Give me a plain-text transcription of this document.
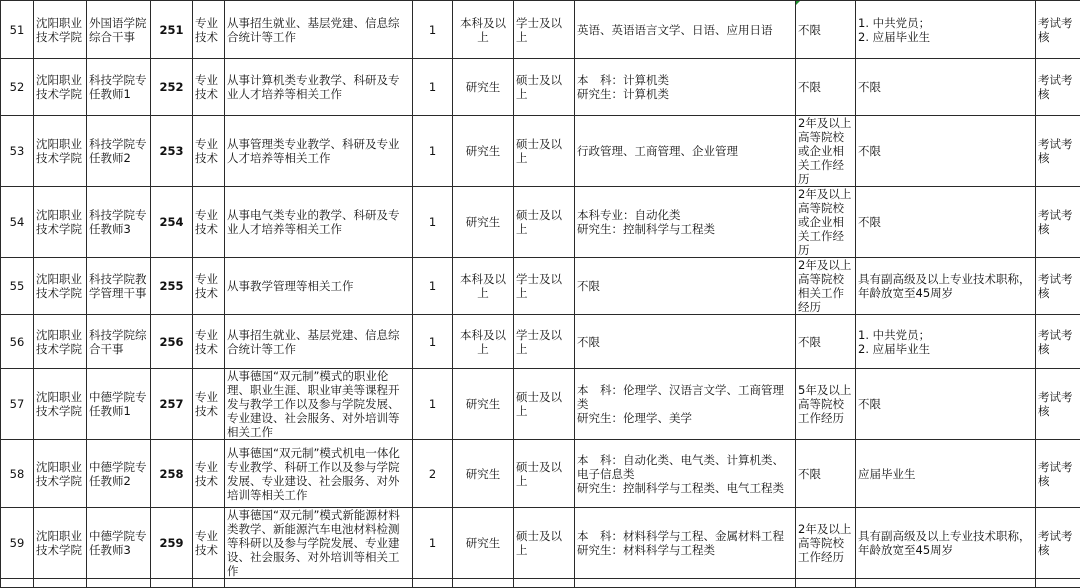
51	沈阳职业技术学院	外国语学院综合干事	251	专业技术	从事招生就业、基层党建、信息综合统计等工作	1	本科及以上	学士及以上	英语、英语语言文学、日语、应用日语	不限	1. 中共党员；
2. 应届毕业生	考试考核
52	沈阳职业技术学院	科技学院专任教师1	252	专业技术	从事计算机类专业教学、科研及专业人才培养等相关工作	1	研究生	硕士及以上	本　科：计算机类
研究生：计算机类	不限	不限	考试考核
53	沈阳职业技术学院	科技学院专任教师2	253	专业技术	从事管理类专业教学、科研及专业人才培养等相关工作	1	研究生	硕士及以上	行政管理、工商管理、企业管理	2年及以上高等院校或企业相关工作经历	不限	考试考核
54	沈阳职业技术学院	科技学院专任教师3	254	专业技术	从事电气类专业的教学、科研及专业人才培养等相关工作	1	研究生	硕士及以上	本科专业：自动化类
研究生：控制科学与工程类	2年及以上高等院校或企业相关工作经历	不限	考试考核
55	沈阳职业技术学院	科技学院教学管理干事	255	专业技术	从事教学管理等相关工作	1	本科及以上	学士及以上	不限	2年及以上高等院校相关工作经历	具有副高级及以上专业技术职称，
年龄放宽至45周岁	考试考核
56	沈阳职业技术学院	科技学院综合干事	256	专业技术	从事招生就业、基层党建、信息综合统计等工作	1	本科及以上	学士及以上	不限	不限	1. 中共党员；
2. 应届毕业生	考试考核
57	沈阳职业技术学院	中德学院专任教师1	257	专业技术	从事德国“双元制”模式的职业伦理、职业生涯、职业审美等课程开发与教学工作以及参与学院发展、专业建设、社会服务、对外培训等相关工作	1	研究生	硕士及以上	本　科：伦理学、汉语言文学、工商管理类
研究生：伦理学、美学	5年及以上高等院校工作经历	不限	考试考核
58	沈阳职业技术学院	中德学院专任教师2	258	专业技术	从事德国“双元制”模式机电一体化专业教学、科研工作以及参与学院发展、专业建设、社会服务、对外培训等相关工作	2	研究生	硕士及以上	本　科：自动化类、电气类、计算机类、电子信息类
研究生：控制科学与工程类、电气工程类	不限	应届毕业生	考试考核
59	沈阳职业技术学院	中德学院专任教师3	259	专业技术	从事德国“双元制”模式新能源材料类教学、新能源汽车电池材料检测等科研以及参与学院发展、专业建设、社会服务、对外培训等相关工作	1	研究生	硕士及以上	本　科：材料科学与工程、金属材料工程
研究生：材料科学与工程类	2年及以上高等院校工作经历	具有副高级及以上专业技术职称，
年龄放宽至45周岁	考试考核
